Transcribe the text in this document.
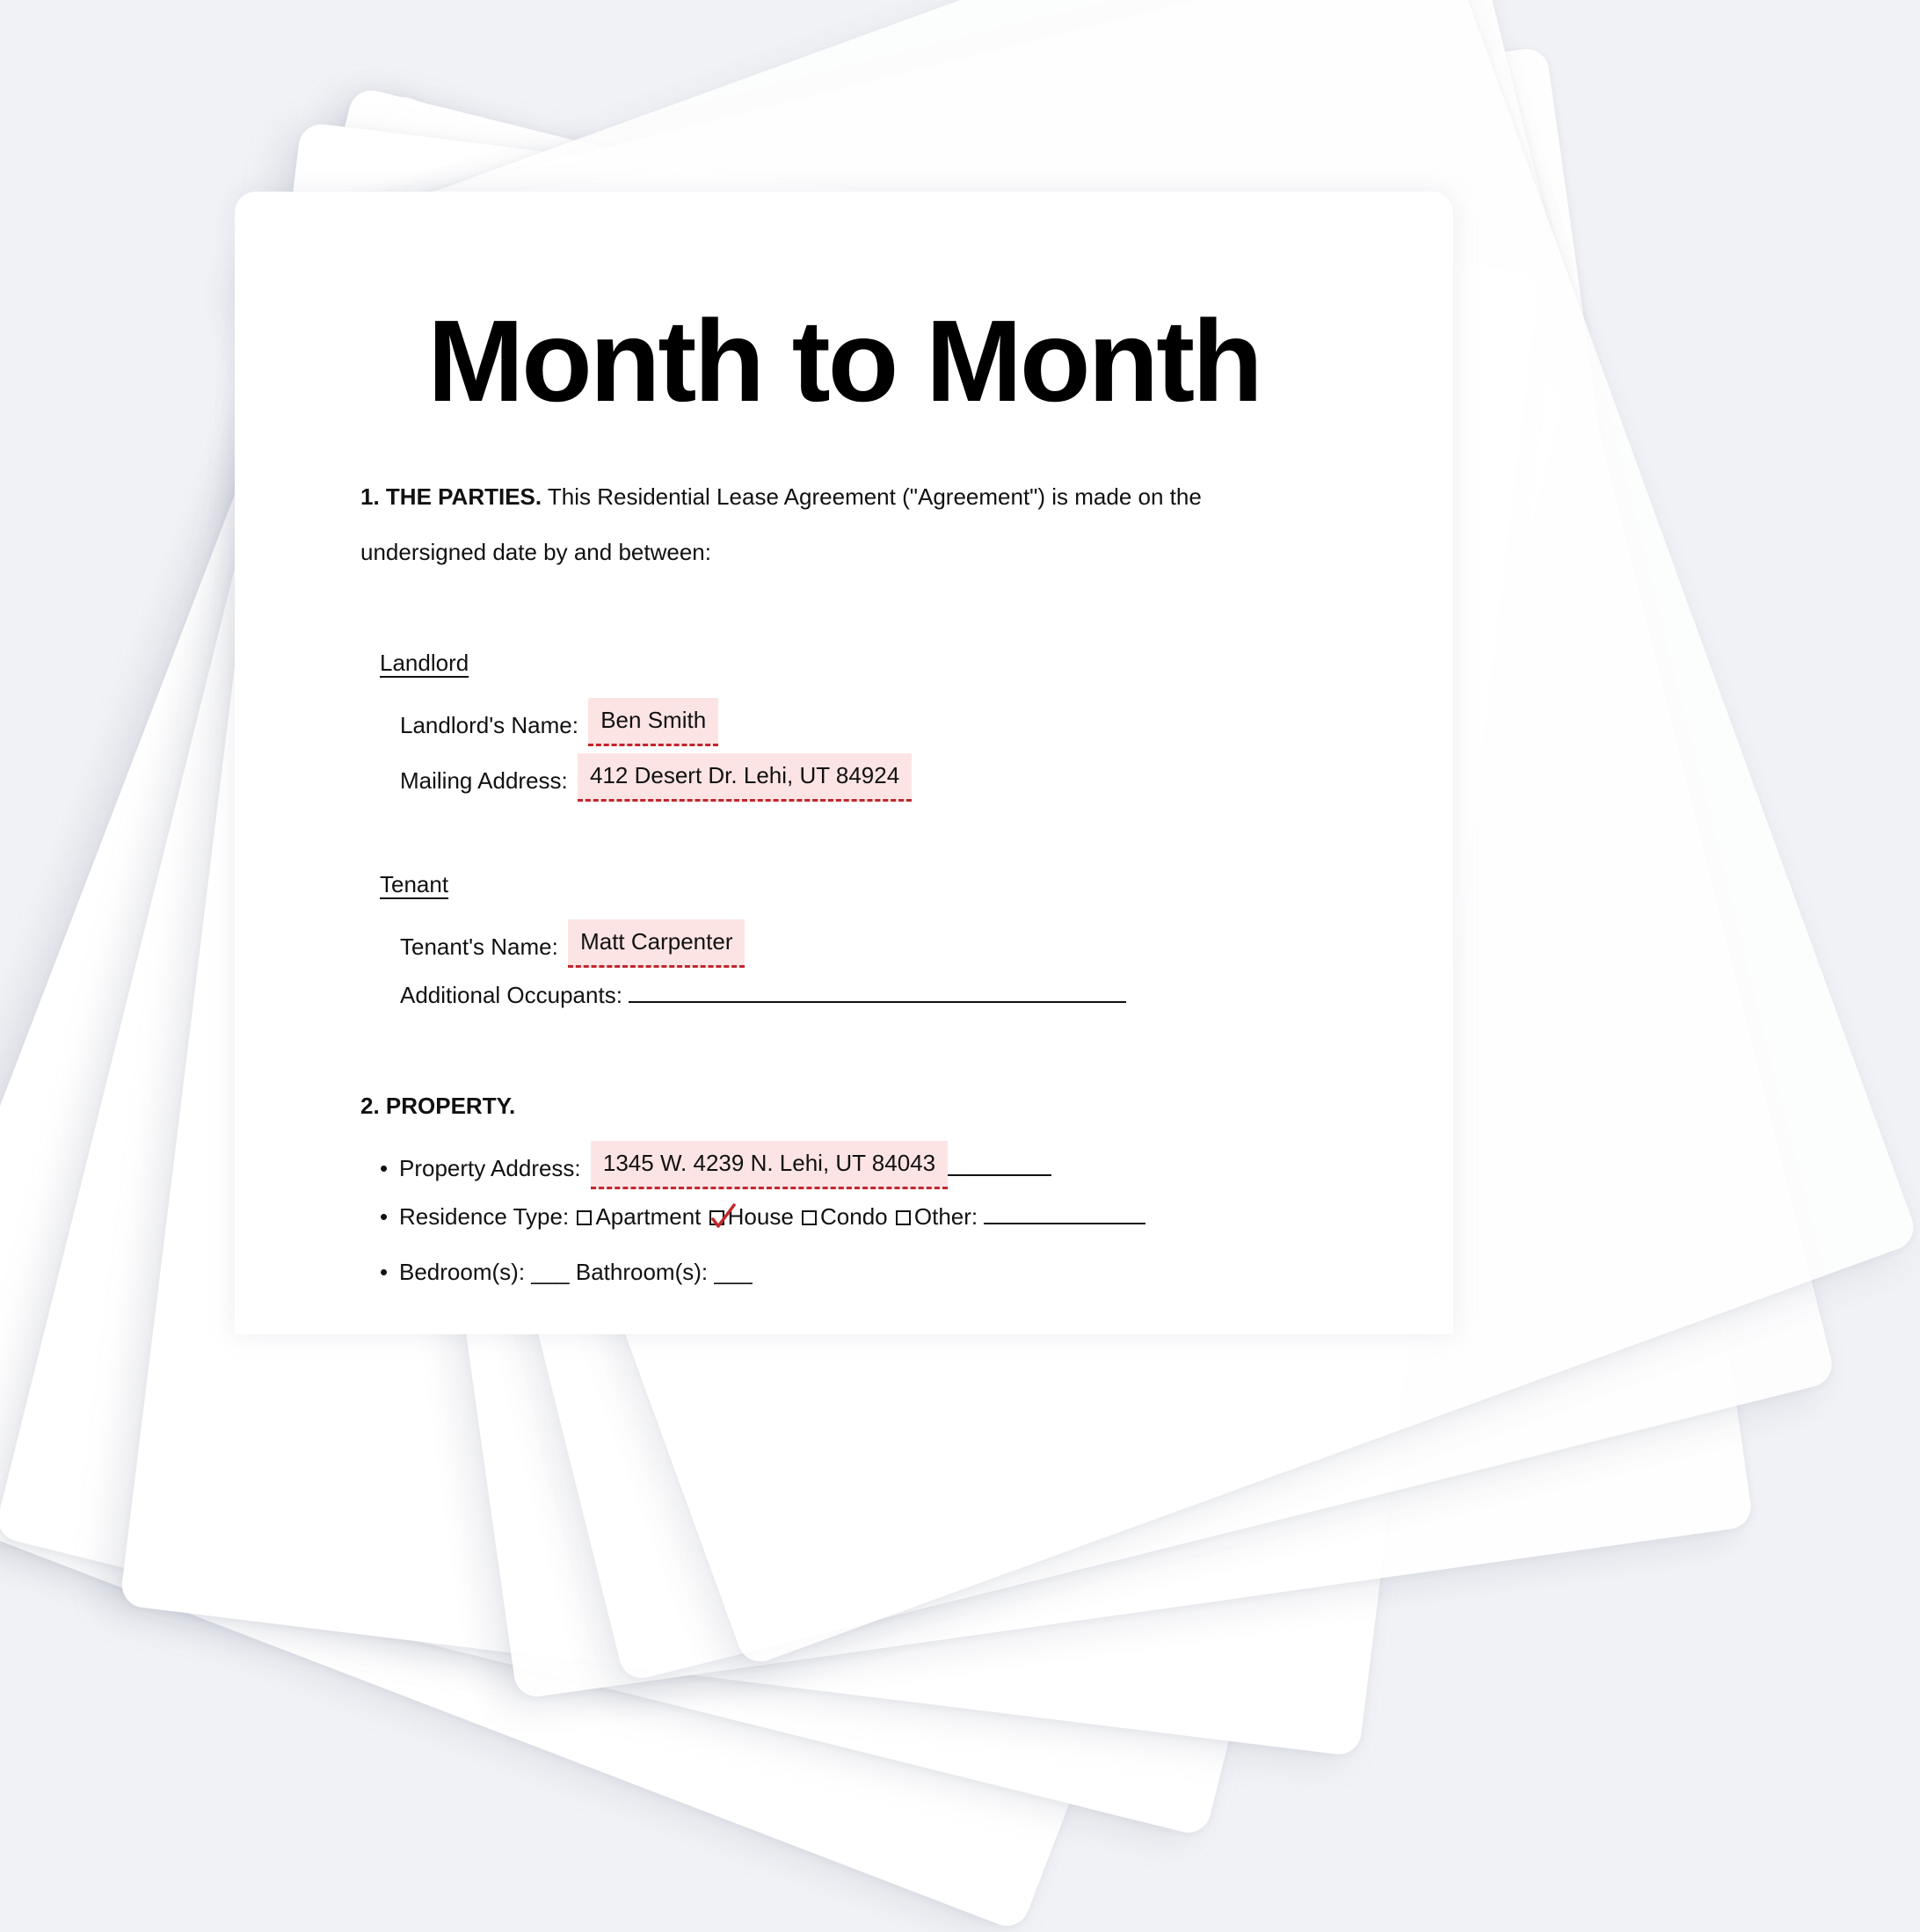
Month to Month
1. THE PARTIES. This Residential Lease Agreement ("Agreement") is made on the
undersigned date by and between:
Landlord
Landlord's Name: Ben Smith
Mailing Address: 412 Desert Dr. Lehi, UT 84924
Tenant
Tenant's Name: Matt Carpenter
Additional Occupants:
2. PROPERTY.
• Property Address: 1345 W. 4239 N. Lehi, UT 84043
• Residence Type: Apartment House Condo Other:
• Bedroom(s): ___ Bathroom(s): ___
